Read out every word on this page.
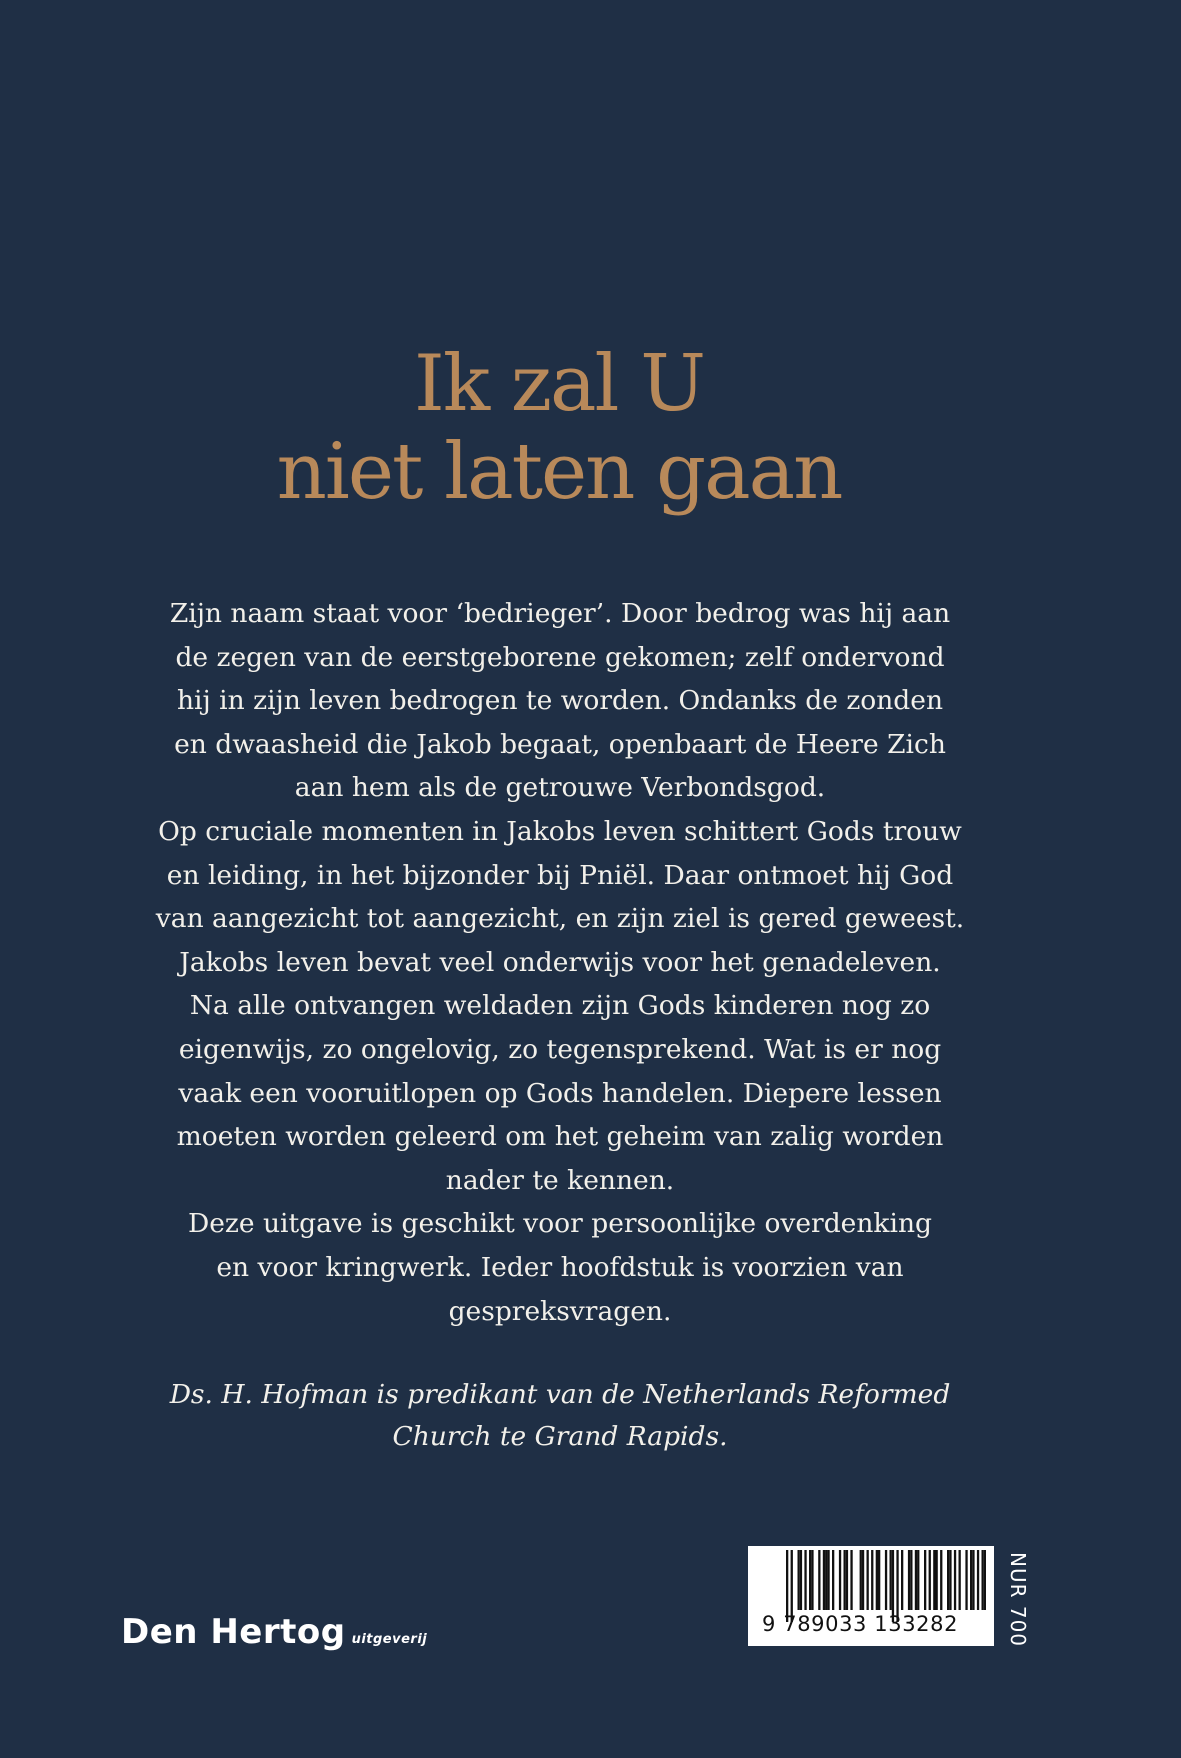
Ik zal U
niet laten gaan
Zijn naam staat voor ‘bedrieger’. Door bedrog was hij aan
de zegen van de eerstgeborene gekomen; zelf ondervond
hij in zijn leven bedrogen te worden. Ondanks de zonden
en dwaasheid die Jakob begaat, openbaart de Heere Zich
aan hem als de getrouwe Verbondsgod.
Op cruciale momenten in Jakobs leven schittert Gods trouw
en leiding, in het bijzonder bij Pniël. Daar ontmoet hij God
van aangezicht tot aangezicht, en zijn ziel is gered geweest.
Jakobs leven bevat veel onderwijs voor het genadeleven.
Na alle ontvangen weldaden zijn Gods kinderen nog zo
eigenwijs, zo ongelovig, zo tegensprekend. Wat is er nog
vaak een vooruitlopen op Gods handelen. Diepere lessen
moeten worden geleerd om het geheim van zalig worden
nader te kennen.
Deze uitgave is geschikt voor persoonlijke overdenking
en voor kringwerk. Ieder hoofdstuk is voorzien van
gespreksvragen.
Ds. H. Hofman is predikant van de Netherlands Reformed
Church te Grand Rapids.
Den Hertog uitgeverij
9 789033 133282	NUR 700
